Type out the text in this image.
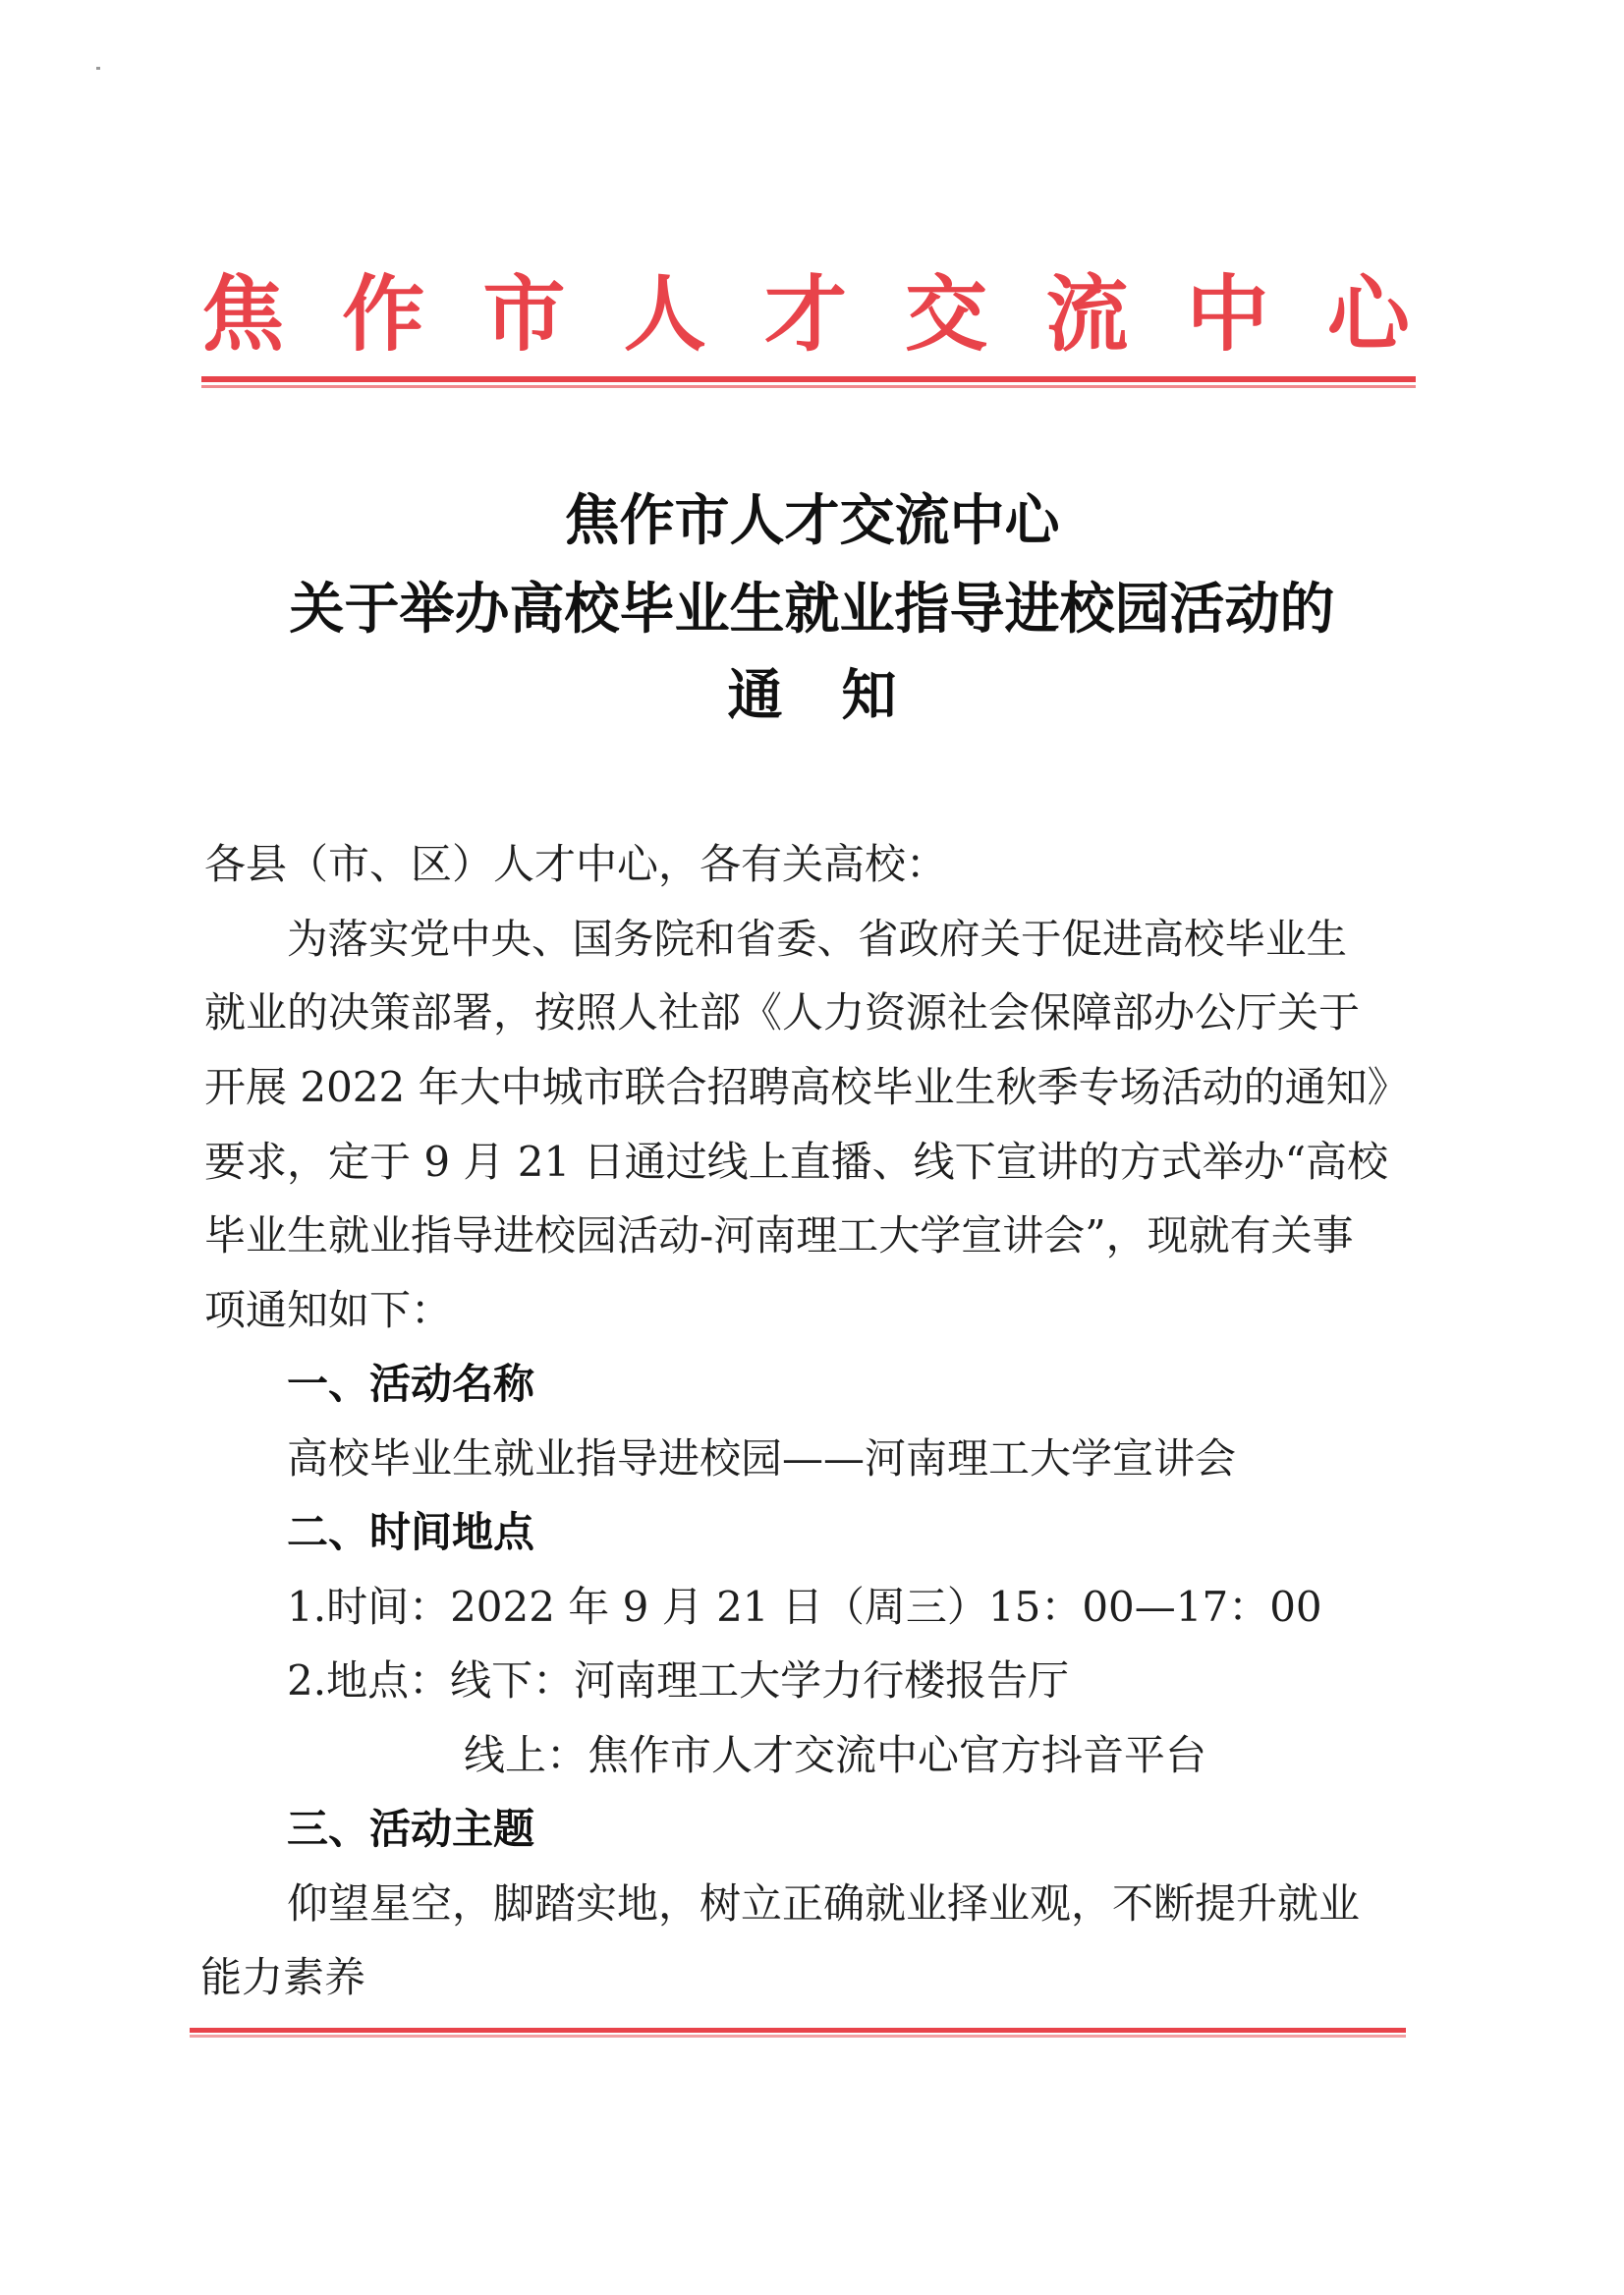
焦 作 市 人 才 交 流 中 心
焦作市人才交流中心
关于举办高校毕业生就业指导进校园活动的
通知
各县（市、区）人才中心，各有关高校：
为落实党中央、国务院和省委、省政府关于促进高校毕业生
就业的决策部署，按照人社部《人力资源社会保障部办公厅关于
开展 2022 年大中城市联合招聘高校毕业生秋季专场活动的通知》
要求，定于 9 月 21 日通过线上直播、线下宣讲的方式举办“高校
毕业生就业指导进校园活动-河南理工大学宣讲会”，现就有关事
项通知如下：
一、活动名称
高校毕业生就业指导进校园——河南理工大学宣讲会
二、时间地点
1.时间：2022 年 9 月 21 日（周三）15：00—17：00
2.地点：线下：河南理工大学力行楼报告厅
线上：焦作市人才交流中心官方抖音平台
三、活动主题
仰望星空，脚踏实地，树立正确就业择业观，不断提升就业
能力素养
